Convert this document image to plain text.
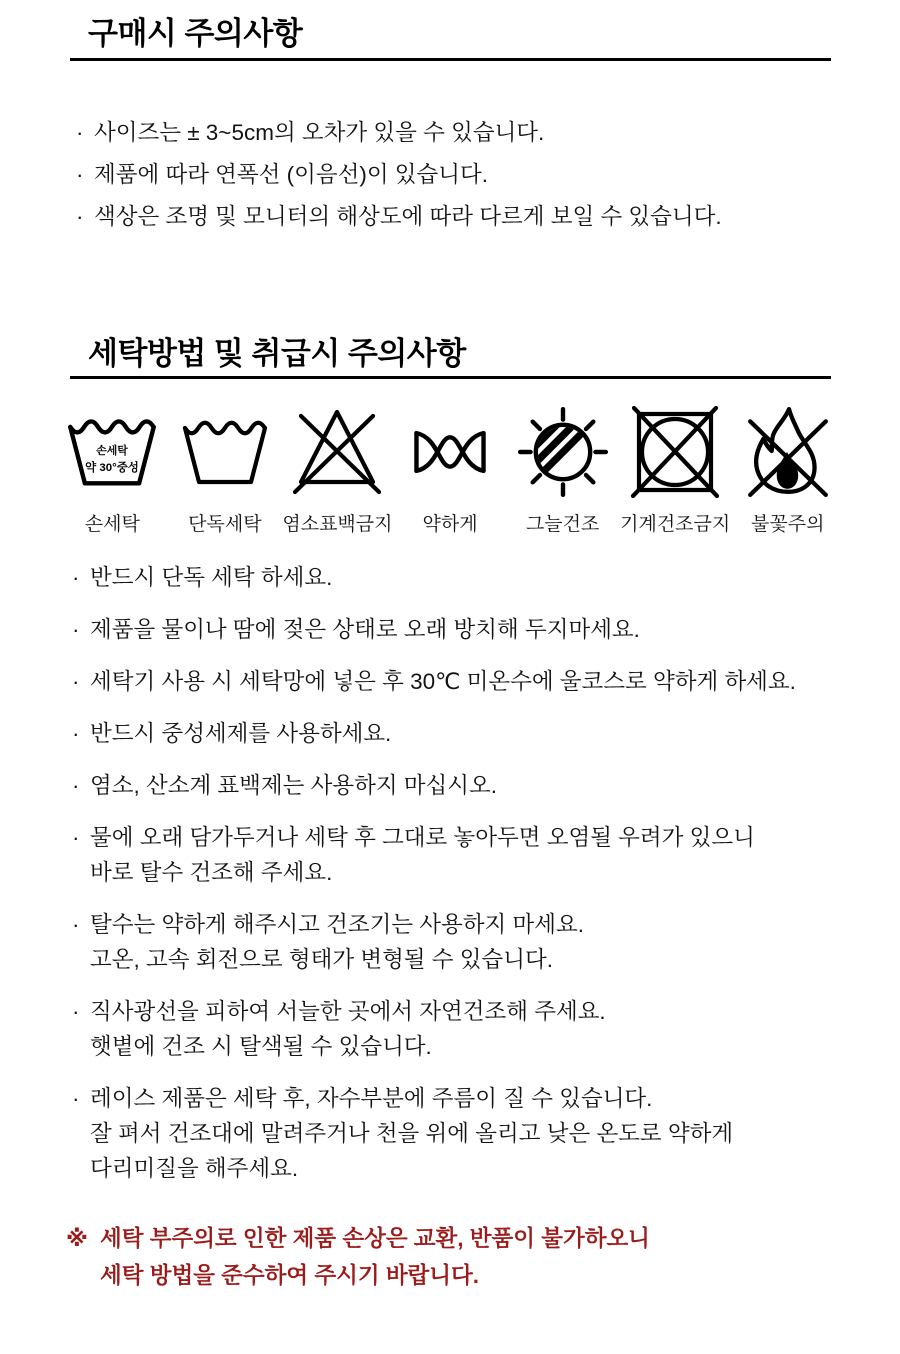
구매시 주의사항
· 사이즈는 ± 3~5cm의 오차가 있을 수 있습니다.
· 제품에 따라 연폭선 (이음선)이 있습니다.
· 색상은 조명 및 모니터의 해상도에 따라 다르게 보일 수 있습니다.
세탁방법 및 취급시 주의사항
손세탁
약 30°중성
손세탁	단독세탁 염소표백금지 약하게	그늘건조 기계건조금지 불꽃주의
· 반드시 단독 세탁 하세요.
· 제품을 물이나 땀에 젖은 상태로 오래 방치해 두지마세요.
· 세탁기 사용 시 세탁망에 넣은 후 30℃ 미온수에 울코스로 약하게 하세요.
· 반드시 중성세제를 사용하세요.
· 염소, 산소계 표백제는 사용하지 마십시오.
· 물에 오래 담가두거나 세탁 후 그대로 놓아두면 오염될 우려가 있으니
바로 탈수 건조해 주세요.
· 탈수는 약하게 해주시고 건조기는 사용하지 마세요.
고온, 고속 회전으로 형태가 변형될 수 있습니다.
· 직사광선을 피하여 서늘한 곳에서 자연건조해 주세요.
햇볕에 건조 시 탈색될 수 있습니다.
· 레이스 제품은 세탁 후, 자수부분에 주름이 질 수 있습니다.
잘 펴서 건조대에 말려주거나 천을 위에 올리고 낮은 온도로 약하게
다리미질을 해주세요.
※ 세탁 부주의로 인한 제품 손상은 교환, 반품이 불가하오니
세탁 방법을 준수하여 주시기 바랍니다.
